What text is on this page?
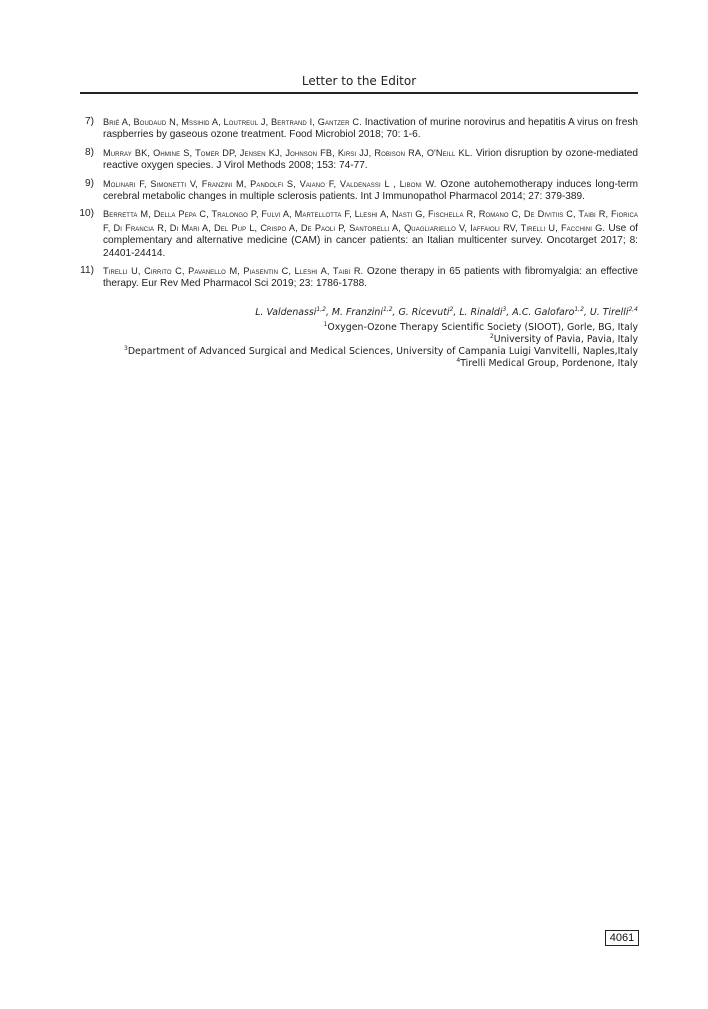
Letter to the Editor
7) Brié A, Boudaud N, Mssihid A, Loutreul J, Bertrand I, Gantzer C. Inactivation of murine norovirus and hepatitis A virus on fresh raspberries by gaseous ozone treatment. Food Microbiol 2018; 70: 1-6.
8) Murray BK, Ohmine S, Tomer DP, Jensen KJ, Johnson FB, Kirsi JJ, Robison RA, O'Neill KL. Virion disruption by ozone-mediated reactive oxygen species. J Virol Methods 2008; 153: 74-77.
9) Molinari F, Simonetti V, Franzini M, Pandolfi S, Vaiano F, Valdenassi L , Liboni W. Ozone autohemotherapy induces long-term cerebral metabolic changes in multiple sclerosis patients. Int J Immunopathol Pharmacol 2014; 27: 379-389.
10) Berretta M, Della Pepa C, Tralongo P, Fulvi A, Martellotta F, Lleshi A, Nasti G, Fischella R, Romano C, De Divitiis C, Taibi R, Fiorica F, Di Francia R, Di Mari A, Del Pup L, Crispo A, De Paoli P, Santorelli A, Quagliariello V, Iaffaioli RV, Tirelli U, Facchini G. Use of complementary and alternative medicine (CAM) in cancer patients: an Italian multicenter survey. Oncotarget 2017; 8: 24401-24414.
11) Tirelli U, Cirrito C, Pavanello M, Piasentin C, Lleshi A, Taibi R. Ozone therapy in 65 patients with fibromyalgia: an effective therapy. Eur Rev Med Pharmacol Sci 2019; 23: 1786-1788.
L. Valdenassi$^{1,2}$, M. Franzini$^{1,2}$, G. Ricevuti$^2$, L. Rinaldi$^3$, A.C. Galofaro$^{1,2}$, U. Tirelli$^{2,4}$
$^1$Oxygen-Ozone Therapy Scientific Society (SIOOT), Gorle, BG, Italy
$^2$University of Pavia, Pavia, Italy
$^3$Department of Advanced Surgical and Medical Sciences, University of Campania Luigi Vanvitelli, Naples,Italy
$^4$Tirelli Medical Group, Pordenone, Italy
4061
